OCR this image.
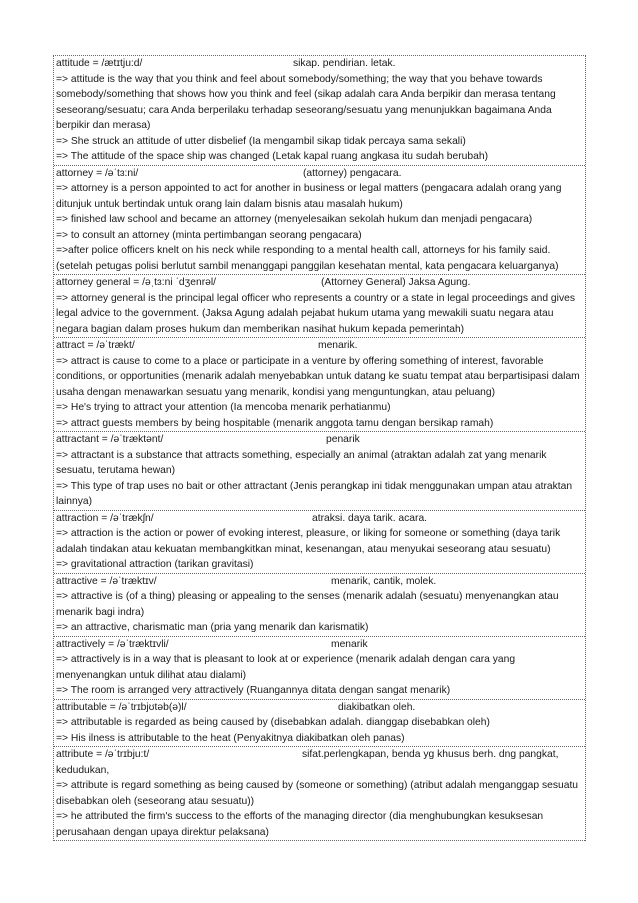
attitude = /ætɪtju:d/	sikap. pendirian. letak.
=> attitude is the way that you think and feel about somebody/something; the way that you behave towards somebody/something that shows how you think and feel (sikap adalah cara Anda berpikir dan merasa tentang seseorang/sesuatu; cara Anda berperilaku terhadap seseorang/sesuatu yang menunjukkan bagaimana Anda berpikir dan merasa)
=> She struck an attitude of utter disbelief (Ia mengambil sikap tidak percaya sama sekali)
=> The attitude of the space ship was changed (Letak kapal ruang angkasa itu sudah berubah)
attorney = /əˈtɜ:ni/	(attorney) pengacara.
=> attorney is a person appointed to act for another in business or legal matters (pengacara adalah orang yang ditunjuk untuk bertindak untuk orang lain dalam bisnis atau masalah hukum)
=> finished law school and became an attorney (menyelesaikan sekolah hukum dan menjadi pengacara)
=> to consult an attorney (minta pertimbangan seorang pengacara)
=>after police officers knelt on his neck while responding to a mental health call, attorneys for his family said. (setelah petugas polisi berlutut sambil menanggapi panggilan kesehatan mental, kata pengacara keluarganya)
attorney general = /əˌtɜ:ni ˈdʒenrəl/	(Attorney General) Jaksa Agung.
=> attorney general is the principal legal officer who represents a country or a state in legal proceedings and gives legal advice to the government. (Jaksa Agung adalah pejabat hukum utama yang mewakili suatu negara atau negara bagian dalam proses hukum dan memberikan nasihat hukum kepada pemerintah)
attract = /əˈtrækt/	menarik.
=> attract is cause to come to a place or participate in a venture by offering something of interest, favorable conditions, or opportunities (menarik adalah menyebabkan untuk datang ke suatu tempat atau berpartisipasi dalam usaha dengan menawarkan sesuatu yang menarik, kondisi yang menguntungkan, atau peluang)
=> He's trying to attract your attention (Ia mencoba menarik perhatianmu)
=> attract guests members by being hospitable (menarik anggota tamu dengan bersikap ramah)
attractant = /əˈtræktənt/	penarik
=> attractant is a substance that attracts something, especially an animal (atraktan adalah zat yang menarik sesuatu, terutama hewan)
=> This type of trap uses no bait or other attractant (Jenis perangkap ini tidak menggunakan umpan atau atraktan lainnya)
attraction = /əˈtrækʃn/	atraksi. daya tarik. acara.
=> attraction is the action or power of evoking interest, pleasure, or liking for someone or something (daya tarik adalah tindakan atau kekuatan membangkitkan minat, kesenangan, atau menyukai seseorang atau sesuatu)
=> gravitational attraction (tarikan gravitasi)
attractive = /əˈtræktɪv/	menarik, cantik, molek.
=> attractive is (of a thing) pleasing or appealing to the senses (menarik adalah (sesuatu) menyenangkan atau menarik bagi indra)
=> an attractive, charismatic man (pria yang menarik dan karismatik)
attractively = /əˈtræktɪvli/	menarik
=> attractively is in a way that is pleasant to look at or experience (menarik adalah dengan cara yang menyenangkan untuk dilihat atau dialami)
=> The room is arranged very attractively (Ruangannya ditata dengan sangat menarik)
attributable = /əˈtrɪbjʊtəb(ə)l/	diakibatkan oleh.
=> attributable is regarded as being caused by (disebabkan adalah. dianggap disebabkan oleh)
=> His ilness is attributable to the heat (Penyakitnya diakibatkan oleh panas)
attribute = /əˈtrɪbju:t/	sifat.perlengkapan, benda yg khusus berh. dng pangkat, kedudukan,
=> attribute is regard something as being caused by (someone or something) (atribut adalah menganggap sesuatu disebabkan oleh (seseorang atau sesuatu))
=> he attributed the firm's success to the efforts of the managing director (dia menghubungkan kesuksesan perusahaan dengan upaya direktur pelaksana)
